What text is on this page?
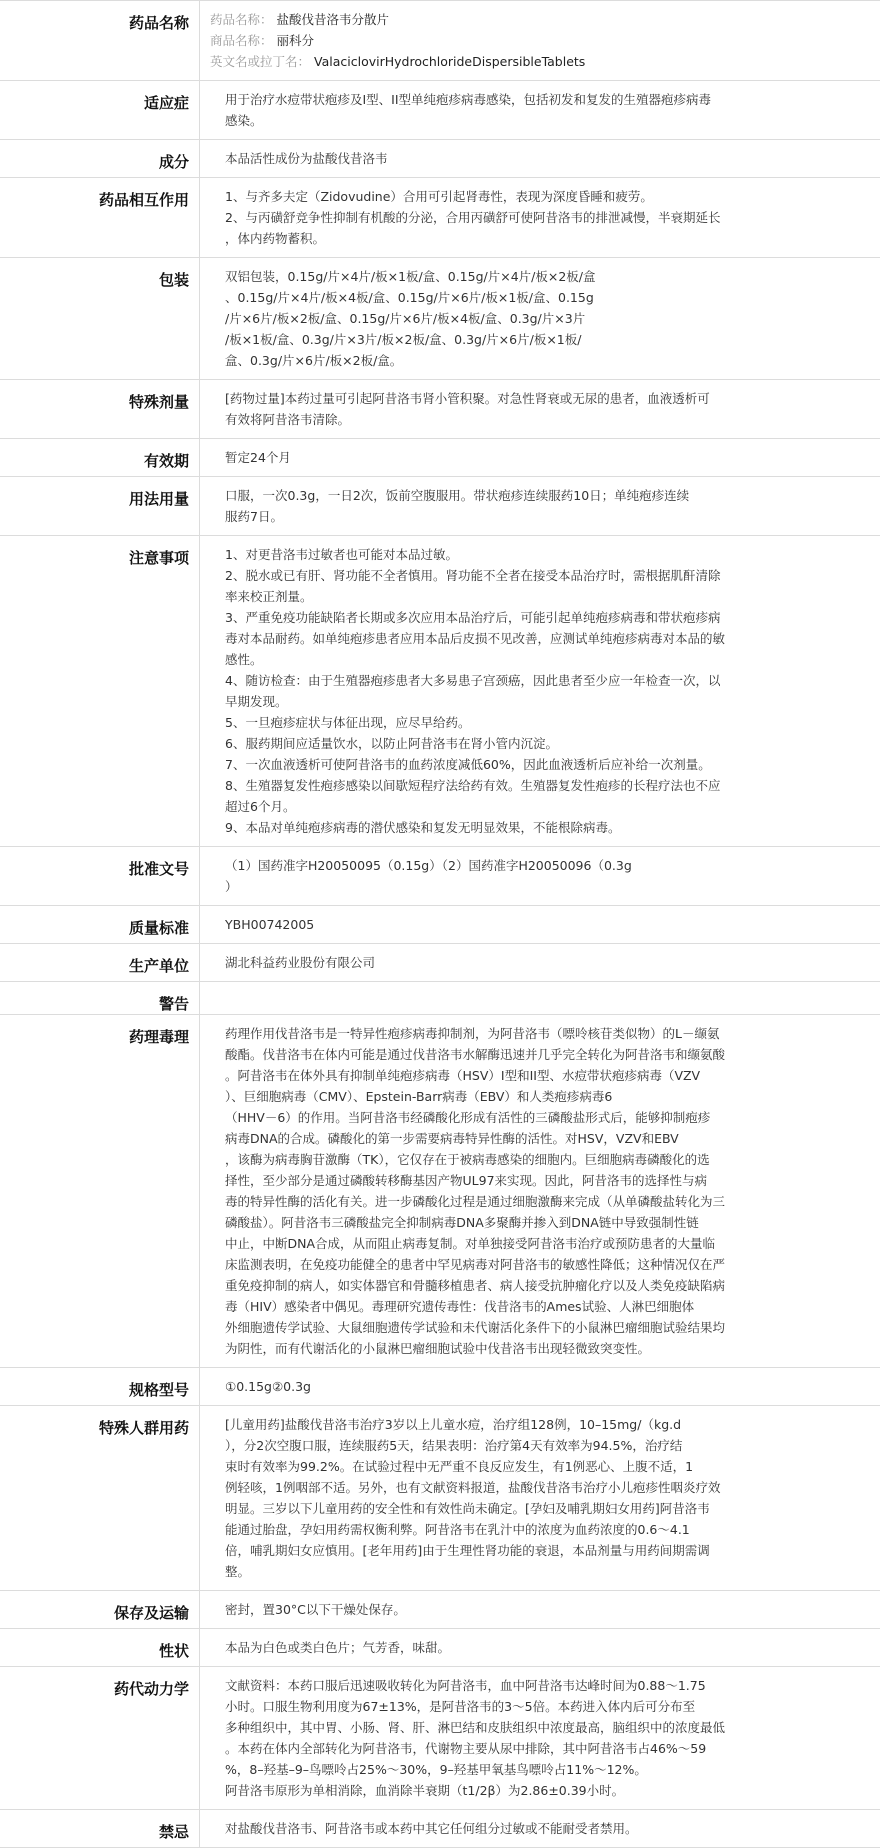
药品名称	药品名称： 盐酸伐昔洛韦分散片
商品名称： 丽科分
英文名或拉丁名： ValaciclovirHydrochlorideDispersibleTablets
适应症	用于治疗水痘带状疱疹及I型、II型单纯疱疹病毒感染，包括初发和复发的生殖器疱疹病毒
感染。
成分	本品活性成份为盐酸伐昔洛韦
药品相互作用	1、与齐多夫定（Zidovudine）合用可引起肾毒性，表现为深度昏睡和疲劳。
2、与丙磺舒竞争性抑制有机酸的分泌，合用丙磺舒可使阿昔洛韦的排泄减慢，半衰期延长
，体内药物蓄积。
包装	双铝包装，0.15g/片×4片/板×1板/盒、0.15g/片×4片/板×2板/盒
、0.15g/片×4片/板×4板/盒、0.15g/片×6片/板×1板/盒、0.15g
/片×6片/板×2板/盒、0.15g/片×6片/板×4板/盒、0.3g/片×3片
/板×1板/盒、0.3g/片×3片/板×2板/盒、0.3g/片×6片/板×1板/
盒、0.3g/片×6片/板×2板/盒。
特殊剂量	[药物过量]本药过量可引起阿昔洛韦肾小管积聚。对急性肾衰或无尿的患者，血液透析可
有效将阿昔洛韦清除。
有效期	暂定24个月
用法用量	口服，一次0.3g，一日2次，饭前空腹服用。带状疱疹连续服药10日；单纯疱疹连续
服药7日。
注意事项	1、对更昔洛韦过敏者也可能对本品过敏。
2、脱水或已有肝、肾功能不全者慎用。肾功能不全者在接受本品治疗时，需根据肌酐清除
率来校正剂量。
3、严重免疫功能缺陷者长期或多次应用本品治疗后，可能引起单纯疱疹病毒和带状疱疹病
毒对本品耐药。如单纯疱疹患者应用本品后皮损不见改善，应测试单纯疱疹病毒对本品的敏
感性。
4、随访检查：由于生殖器疱疹患者大多易患子宫颈癌，因此患者至少应一年检查一次，以
早期发现。
5、一旦疱疹症状与体征出现，应尽早给药。
6、服药期间应适量饮水，以防止阿昔洛韦在肾小管内沉淀。
7、一次血液透析可使阿昔洛韦的血药浓度减低60%，因此血液透析后应补给一次剂量。
8、生殖器复发性疱疹感染以间歇短程疗法给药有效。生殖器复发性疱疹的长程疗法也不应
超过6个月。
9、本品对单纯疱疹病毒的潜伏感染和复发无明显效果，不能根除病毒。
批准文号	（1）国药准字H20050095（0.15g）（2）国药准字H20050096（0.3g
）
质量标准	YBH00742005
生产单位	湖北科益药业股份有限公司
警告
药理毒理	药理作用伐昔洛韦是一特异性疱疹病毒抑制剂，为阿昔洛韦（嘌呤核苷类似物）的L－缬氨
酸酯。伐昔洛韦在体内可能是通过伐昔洛韦水解酶迅速并几乎完全转化为阿昔洛韦和缬氨酸
。阿昔洛韦在体外具有抑制单纯疱疹病毒（HSV）I型和II型、水痘带状疱疹病毒（VZV
）、巨细胞病毒（CMV）、Epstein-Barr病毒（EBV）和人类疱疹病毒6
（HHV－6）的作用。当阿昔洛韦经磷酸化形成有活性的三磷酸盐形式后，能够抑制疱疹
病毒DNA的合成。磷酸化的第一步需要病毒特异性酶的活性。对HSV，VZV和EBV
，该酶为病毒胸苷激酶（TK），它仅存在于被病毒感染的细胞内。巨细胞病毒磷酸化的选
择性，至少部分是通过磷酸转移酶基因产物UL97来实现。因此，阿昔洛韦的选择性与病
毒的特异性酶的活化有关。进一步磷酸化过程是通过细胞激酶来完成（从单磷酸盐转化为三
磷酸盐）。阿昔洛韦三磷酸盐完全抑制病毒DNA多聚酶并掺入到DNA链中导致强制性链
中止，中断DNA合成，从而阻止病毒复制。对单独接受阿昔洛韦治疗或预防患者的大量临
床监测表明，在免疫功能健全的患者中罕见病毒对阿昔洛韦的敏感性降低；这种情况仅在严
重免疫抑制的病人，如实体器官和骨髓移植患者、病人接受抗肿瘤化疗以及人类免疫缺陷病
毒（HIV）感染者中偶见。毒理研究遗传毒性：伐昔洛韦的Ames试验、人淋巴细胞体
外细胞遗传学试验、大鼠细胞遗传学试验和未代谢活化条件下的小鼠淋巴瘤细胞试验结果均
为阴性，而有代谢活化的小鼠淋巴瘤细胞试验中伐昔洛韦出现轻微致突变性。
规格型号	①0.15g②0.3g
特殊人群用药	[儿童用药]盐酸伐昔洛韦治疗3岁以上儿童水痘，治疗组128例，10–15mg/（kg.d
），分2次空腹口服，连续服药5天，结果表明：治疗第4天有效率为94.5%，治疗结
束时有效率为99.2%。在试验过程中无严重不良反应发生，有1例恶心、上腹不适，1
例轻咳，1例咽部不适。另外，也有文献资料报道，盐酸伐昔洛韦治疗小儿疱疹性咽炎疗效
明显。三岁以下儿童用药的安全性和有效性尚未确定。[孕妇及哺乳期妇女用药]阿昔洛韦
能通过胎盘，孕妇用药需权衡利弊。阿昔洛韦在乳汁中的浓度为血药浓度的0.6～4.1
倍，哺乳期妇女应慎用。[老年用药]由于生理性肾功能的衰退，本品剂量与用药间期需调
整。
保存及运输	密封，置30°C以下干燥处保存。
性状	本品为白色或类白色片；气芳香，味甜。
药代动力学	文献资料：本药口服后迅速吸收转化为阿昔洛韦，血中阿昔洛韦达峰时间为0.88～1.75
小时。口服生物利用度为67±13%，是阿昔洛韦的3～5倍。本药进入体内后可分布至
多种组织中，其中胃、小肠、肾、肝、淋巴结和皮肤组织中浓度最高，脑组织中的浓度最低
。本药在体内全部转化为阿昔洛韦，代谢物主要从尿中排除，其中阿昔洛韦占46%～59
%，8–羟基–9–鸟嘌呤占25%～30%，9–羟基甲氧基鸟嘌呤占11%～12%。
阿昔洛韦原形为单相消除，血消除半衰期（t1/2β）为2.86±0.39小时。
禁忌	对盐酸伐昔洛韦、阿昔洛韦或本药中其它任何组分过敏或不能耐受者禁用。
